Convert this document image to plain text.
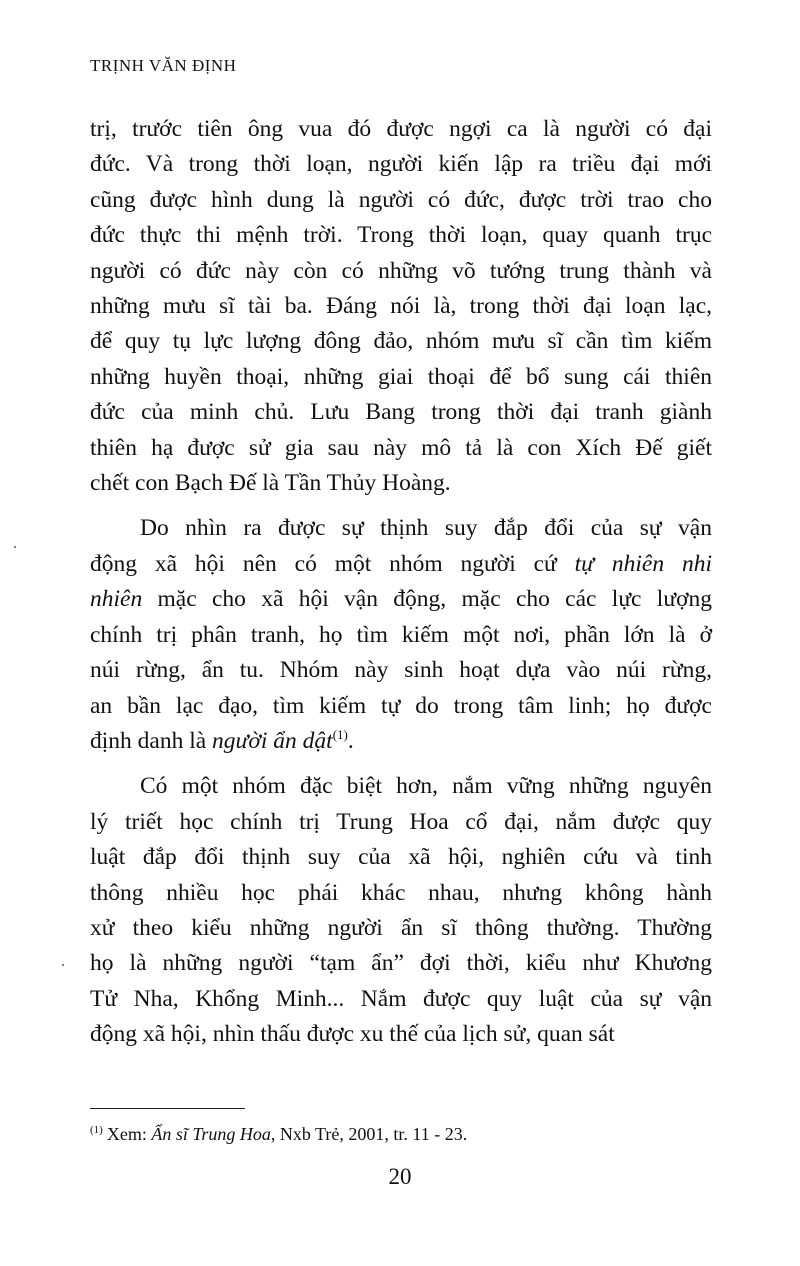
TRỊNH VĂN ĐỊNH

trị, trước tiên ông vua đó được ngợi ca là người có đại
đức. Và trong thời loạn, người kiến lập ra triều đại mới
cũng được hình dung là người có đức, được trời trao cho
đức thực thi mệnh trời. Trong thời loạn, quay quanh trục
người có đức này còn có những võ tướng trung thành và
những mưu sĩ tài ba. Đáng nói là, trong thời đại loạn lạc,
để quy tụ lực lượng đông đảo, nhóm mưu sĩ cần tìm kiếm
những huyền thoại, những giai thoại để bổ sung cái thiên
đức của minh chủ. Lưu Bang trong thời đại tranh giành
thiên hạ được sử gia sau này mô tả là con Xích Đế giết
chết con Bạch Đế là Tần Thủy Hoàng.

Do nhìn ra được sự thịnh suy đắp đổi của sự vận
động xã hội nên có một nhóm người cứ tự nhiên nhi
nhiên mặc cho xã hội vận động, mặc cho các lực lượng
chính trị phân tranh, họ tìm kiếm một nơi, phần lớn là ở
núi rừng, ẩn tu. Nhóm này sinh hoạt dựa vào núi rừng,
an bần lạc đạo, tìm kiếm tự do trong tâm linh; họ được
định danh là người ẩn dật$^{(1)}$.

Có một nhóm đặc biệt hơn, nắm vững những nguyên
lý triết học chính trị Trung Hoa cổ đại, nắm được quy
luật đắp đổi thịnh suy của xã hội, nghiên cứu và tinh
thông nhiều học phái khác nhau, nhưng không hành
xử theo kiểu những người ẩn sĩ thông thường. Thường
họ là những người “tạm ẩn” đợi thời, kiểu như Khương
Tử Nha, Khổng Minh... Nắm được quy luật của sự vận
động xã hội, nhìn thấu được xu thế của lịch sử, quan sát

$^{(1)}$ Xem: Ẩn sĩ Trung Hoa, Nxb Trẻ, 2001, tr. 11 - 23.
20
